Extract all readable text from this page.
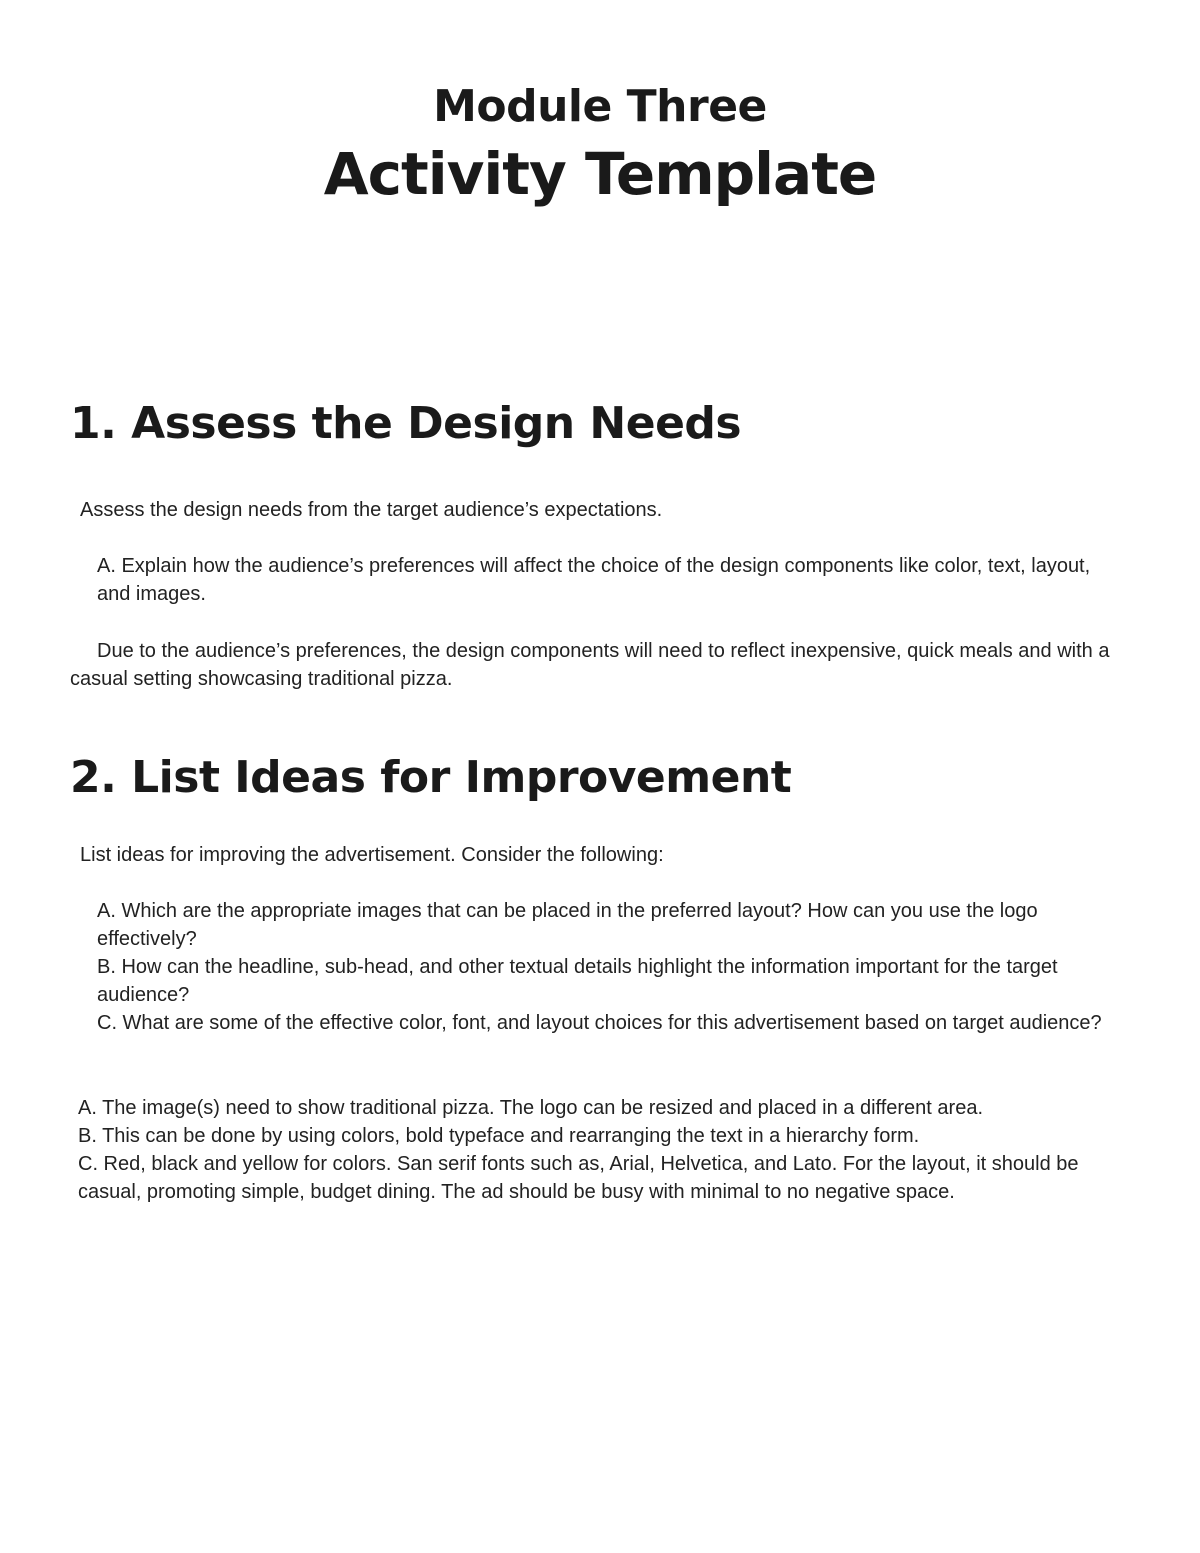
Module Three
Activity Template
1. Assess the Design Needs

Assess the design needs from the target audience’s expectations.

A. Explain how the audience’s preferences will affect the choice of the design components like color, text, layout, and images.

Due to the audience’s preferences, the design components will need to reflect inexpensive, quick meals and with a casual setting showcasing traditional pizza.

2. List Ideas for Improvement

List ideas for improving the advertisement. Consider the following:

A. Which are the appropriate images that can be placed in the preferred layout? How can you use the logo effectively?

B. How can the headline, sub-head, and other textual details highlight the information important for the target audience?

C. What are some of the effective color, font, and layout choices for this advertisement based on target audience?

A. The image(s) need to show traditional pizza. The logo can be resized and placed in a different area.

B. This can be done by using colors, bold typeface and rearranging the text in a hierarchy form.

C. Red, black and yellow for colors. San serif fonts such as, Arial, Helvetica, and Lato. For the layout, it should be casual, promoting simple, budget dining. The ad should be busy with minimal to no negative space.
